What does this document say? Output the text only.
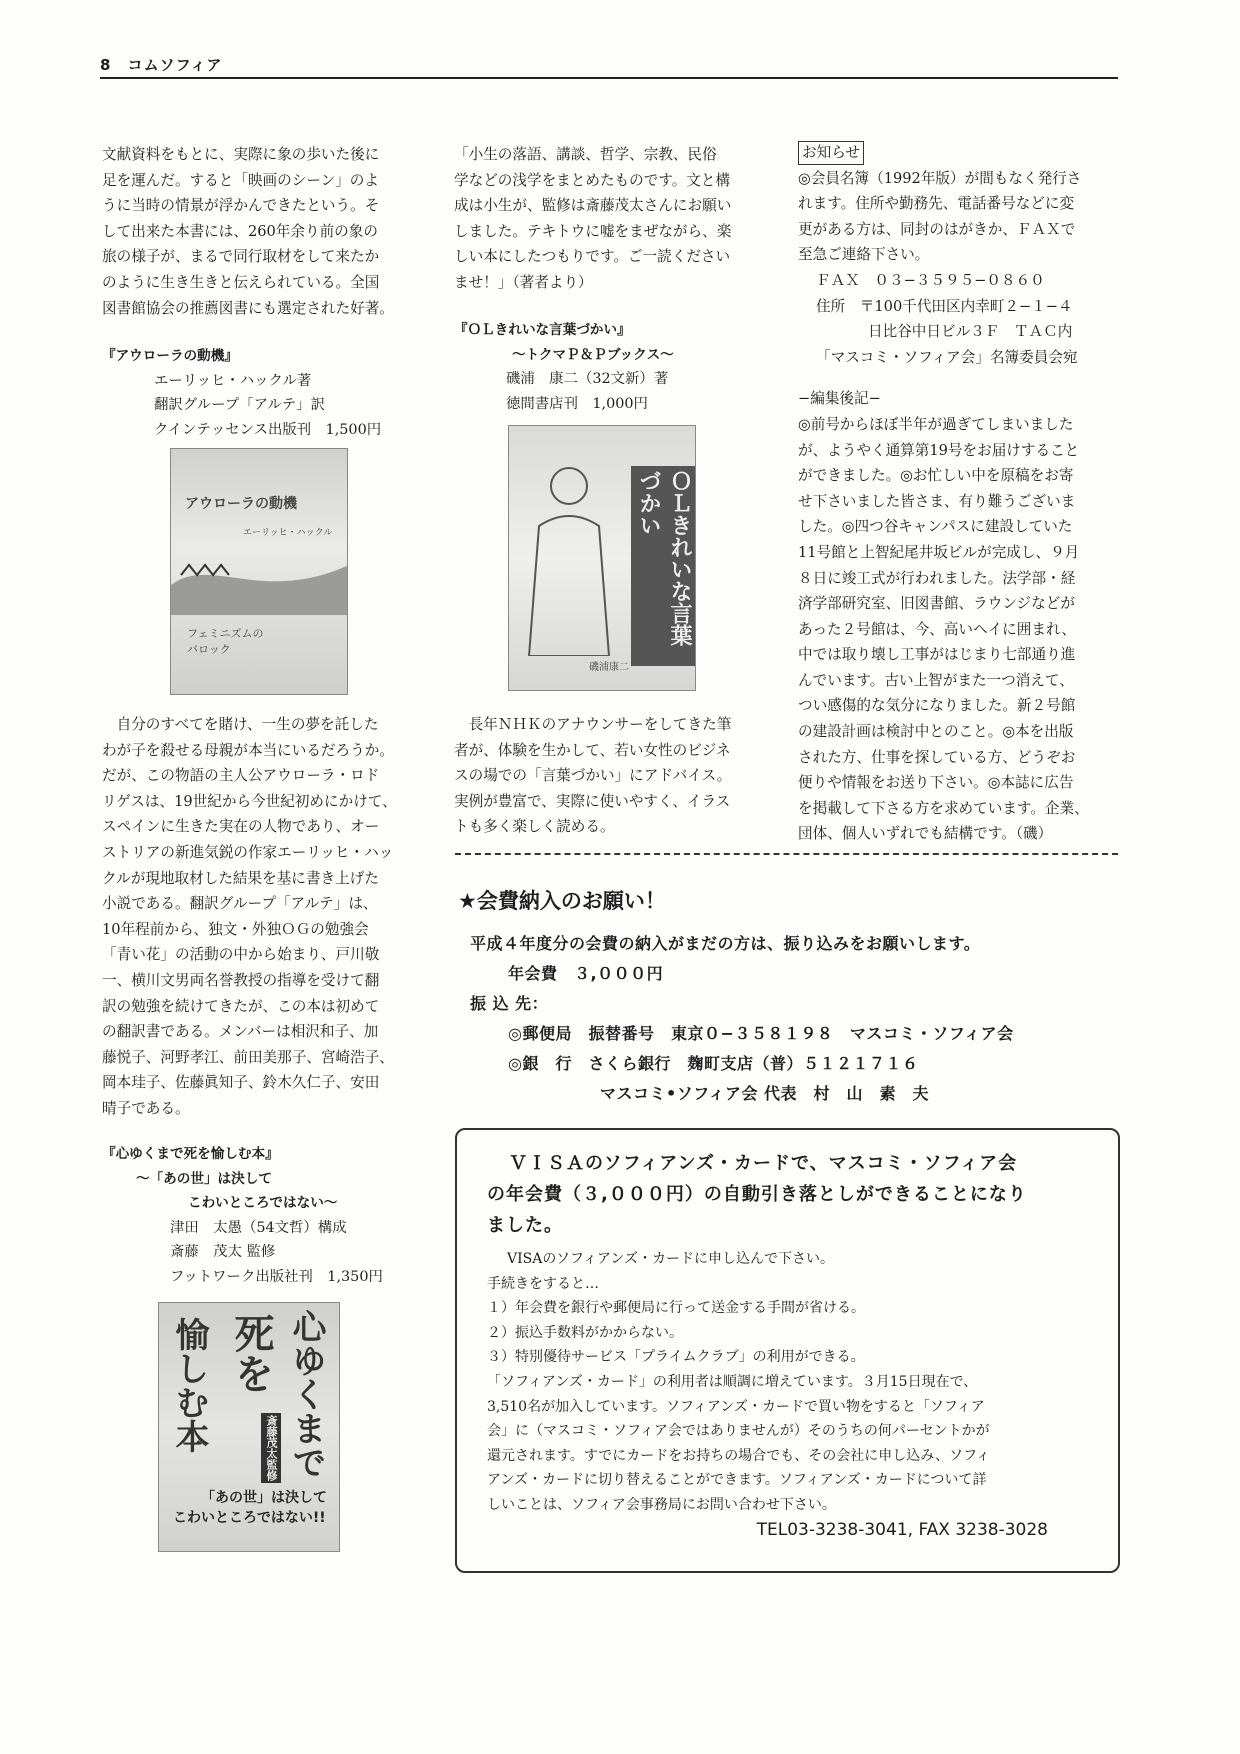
8 コムソフィア
文献資料をもとに、実際に象の歩いた後に
足を運んだ。すると「映画のシーン」のよ
うに当時の情景が浮かんできたという。そ
して出来た本書には、260年余り前の象の
旅の様子が、まるで同行取材をして来たか
のように生き生きと伝えられている。全国
図書館協会の推薦図書にも選定された好著。
『アウローラの動機』
エーリッヒ・ハックル著
翻訳グループ「アルテ」訳
クインテッセンス出版刊　1,500円
アウローラの動機
エーリッヒ・ハックル
フェミニズムの
バロック
　自分のすべてを賭け、一生の夢を託した
わが子を殺せる母親が本当にいるだろうか。
だが、この物語の主人公アウローラ・ロド
リゲスは、19世紀から今世紀初めにかけて、
スペインに生きた実在の人物であり、オー
ストリアの新進気鋭の作家エーリッヒ・ハッ
クルが現地取材した結果を基に書き上げた
小説である。翻訳グループ「アルテ」は、
10年程前から、独文・外独ＯＧの勉強会
「青い花」の活動の中から始まり、戸川敬
一、横川文男両名誉教授の指導を受けて翻
訳の勉強を続けてきたが、この本は初めて
の翻訳書である。メンバーは相沢和子、加
藤悦子、河野孝江、前田美那子、宮崎浩子、
岡本珪子、佐藤眞知子、鈴木久仁子、安田
晴子である。
『心ゆくまで死を愉しむ本』
〜「あの世」は決して
こわいところではない〜
津田　太愚（54文哲）構成
斎藤　茂太 監修
フットワーク出版社刊　1,350円
心ゆくまで
死を
愉しむ本	斎藤茂太監修
「あの世」は決して
こわいところではない!!
「小生の落語、講談、哲学、宗教、民俗
学などの浅学をまとめたものです。文と構
成は小生が、監修は斎藤茂太さんにお願い
しました。テキトウに嘘をまぜながら、楽
しい本にしたつもりです。ご一読ください
ませ！」（著者より）
『ＯＬきれいな言葉づかい』
〜トクマＰ＆Ｐブックス〜
磯浦　康二（32文新）著
徳間書店刊　1,000円
ＯＬきれいな言葉づかい
磯浦康二
　長年ＮＨＫのアナウンサーをしてきた筆
者が、体験を生かして、若い女性のビジネ
スの場での「言葉づかい」にアドバイス。
実例が豊富で、実際に使いやすく、イラス
トも多く楽しく読める。
お知らせ
◎会員名簿（1992年版）が間もなく発行さ
れます。住所や勤務先、電話番号などに変
更がある方は、同封のはがきか、ＦＡＸで
至急ご連絡下さい。
ＦＡＸ　０３−３５９５−０８６０
住所　〒100千代田区内幸町２−１−４
日比谷中日ビル３Ｆ　ＴＡＣ内
「マスコミ・ソフィア会」名簿委員会宛
−編集後記−
◎前号からほぼ半年が過ぎてしまいました
が、ようやく通算第19号をお届けすること
ができました。◎お忙しい中を原稿をお寄
せ下さいました皆さま、有り難うございま
した。◎四つ谷キャンパスに建設していた
11号館と上智紀尾井坂ビルが完成し、９月
８日に竣工式が行われました。法学部・経
済学部研究室、旧図書館、ラウンジなどが
あった２号館は、今、高いヘイに囲まれ、
中では取り壊し工事がはじまり七部通り進
んでいます。古い上智がまた一つ消えて、
つい感傷的な気分になりました。新２号館
の建設計画は検討中とのこと。◎本を出版
された方、仕事を探している方、どうぞお
便りや情報をお送り下さい。◎本誌に広告
を掲載して下さる方を求めています。企業、
団体、個人いずれでも結構です。（磯）
★会費納入のお願い！
平成４年度分の会費の納入がまだの方は、振り込みをお願いします。
年会費　３,０００円
振 込 先：
◎郵便局　振替番号　東京０−３５８１９８　マスコミ・ソフィア会
◎銀　行　さくら銀行　麹町支店（普）５１２１７１６
マスコミ•ソフィア会 代表　村　山　素　夫
ＶＩＳＡのソフィアンズ・カードで、マスコミ・ソフィア会
の年会費（３,０００円）の自動引き落としができることになり
ました。
VISAのソフィアンズ・カードに申し込んで下さい。
手続きをすると…
１）年会費を銀行や郵便局に行って送金する手間が省ける。
２）振込手数料がかからない。
３）特別優待サービス「プライムクラブ」の利用ができる。
「ソフィアンズ・カード」の利用者は順調に増えています。３月15日現在で、
3,510名が加入しています。ソフィアンズ・カードで買い物をすると「ソフィア
会」に（マスコミ・ソフィア会ではありませんが）そのうちの何パーセントかが
還元されます。すでにカードをお持ちの場合でも、その会社に申し込み、ソフィ
アンズ・カードに切り替えることができます。ソフィアンズ・カードについて詳
しいことは、ソフィア会事務局にお問い合わせ下さい。
TEL03-3238-3041, FAX 3238-3028
